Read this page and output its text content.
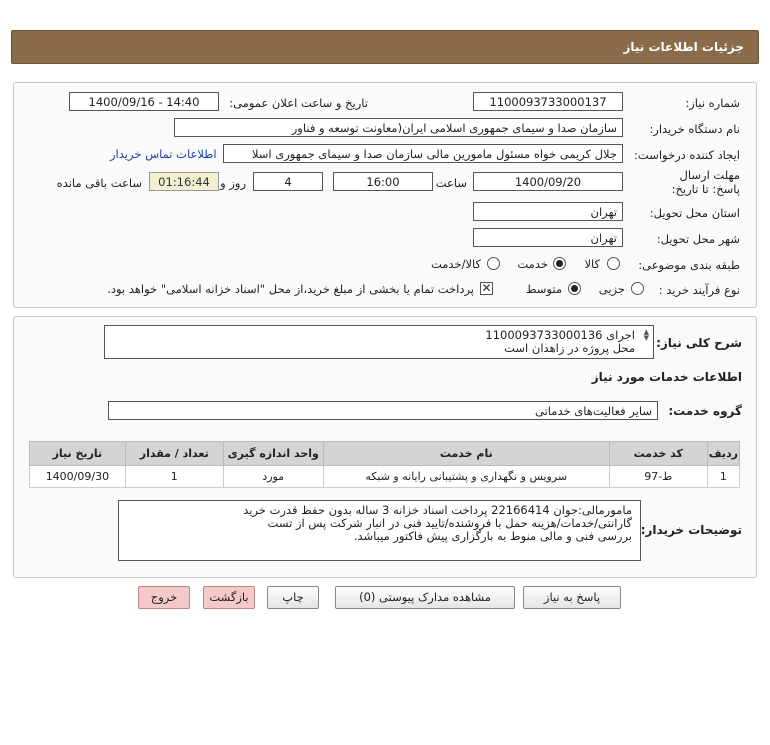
جزئیات اطلاعات نیاز
شماره نیاز:
1100093733000137
تاریخ و ساعت اعلان عمومی:
1400/09/16 - 14:40
نام دستگاه خریدار:
سازمان صدا و سیمای جمهوری اسلامی ایران(معاونت توسعه و فناور
ایجاد کننده درخواست:
جلال کریمی خواه مسئول مامورین مالی سازمان صدا و سیمای جمهوری اسلا
اطلاعات تماس خریدار
مهلت ارسال پاسخ: تا تاریخ:
1400/09/20
ساعت
16:00
4
روز و
01:16:44
ساعت باقی مانده
استان محل تحویل:
تهران
شهر محل تحویل:
تهران
طبقه بندی موضوعی:
کالا
خدمت
کالا/خدمت
نوع فرآیند خرید :
جزیی
متوسط
✕
پرداخت تمام یا بخشی از مبلغ خرید،از محل "اسناد خزانه اسلامی" خواهد بود.
شرح کلی نیاز:
▲
▼
اجرای 1100093733000136
محل پروژه در زاهدان است
اطلاعات خدمات مورد نیاز
گروه خدمت:
سایر فعالیت‌های خدماتی
ردیف	کد خدمت	نام خدمت	واحد اندازه گیری	تعداد / مقدار	تاریخ نیاز
1	ط-97	سرویس و نگهداری و پشتیبانی رایانه و شبکه	مورد	1	1400/09/30
توضیحات خریدار:
مامورمالی:جوان 22166414 پرداخت اسناد خزانه 3 ساله بدون حفظ قدرت خرید
گارانتی/خدمات/هزینه حمل با فروشنده/تایید فنی در انبار شرکت پس از تست
بررسی فنی و مالی منوط به بارگزاری پیش فاکتور میباشد.
پاسخ به نیاز
مشاهده مدارک پیوستی (0)
چاپ
بازگشت
خروج
